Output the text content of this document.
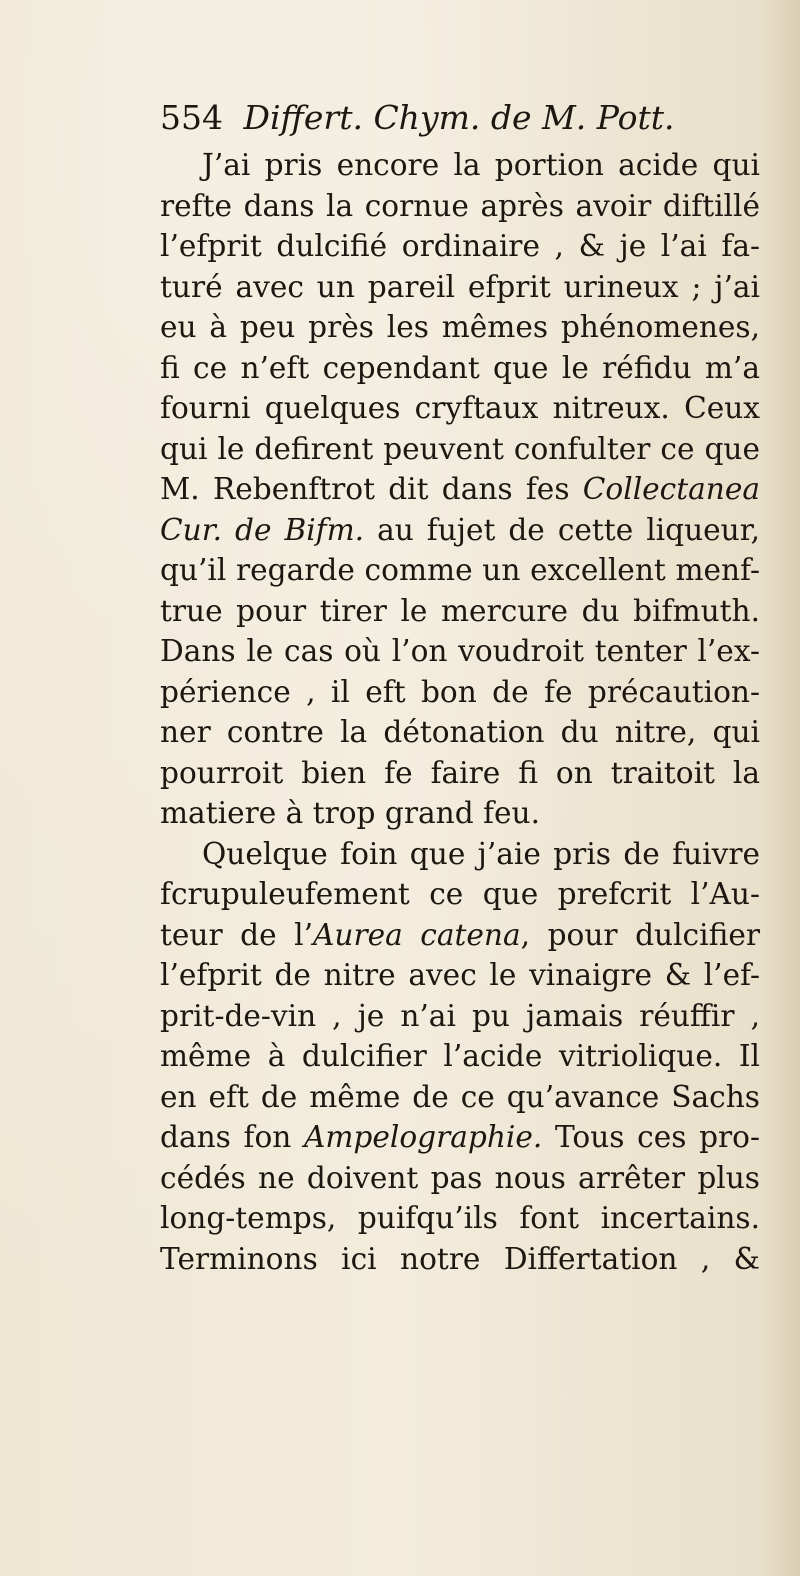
554 Differt. Chym. de M. Pott.
J’ai pris encore la portion acide qui
refte dans la cornue après avoir diftillé
l’efprit dulcifié ordinaire , & je l’ai fa-
turé avec un pareil efprit urineux ; j’ai
eu à peu près les mêmes phénomenes,
fi ce n’eft cependant que le réfidu m’a
fourni quelques cryftaux nitreux. Ceux
qui le defirent peuvent confulter ce que
M. Rebenftrot dit dans fes Colleсtanea
Cur. de Bifm. au fujet de cette liqueur,
qu’il regarde comme un excellent menf-
true pour tirer le mercure du bifmuth.
Dans le cas où l’on voudroit tenter l’ex-
périence , il eft bon de fe précaution-
ner contre la détonation du nitre, qui
pourroit bien fe faire fi on traitoit la
matiere à trop grand feu.
Quelque foin que j’aie pris de fuivre
fcrupuleufement ce que prefcrit l’Au-
teur de l’Aurea catena, pour dulcifier
l’efprit de nitre avec le vinaigre & l’ef-
prit-de-vin , je n’ai pu jamais réuffir ,
même à dulcifier l’acide vitriolique. Il
en eft de même de ce qu’avance Sachs
dans fon Ampelographie. Tous ces pro-
cédés ne doivent pas nous arrêter plus
long-temps, puifqu’ils font incertains.
Terminons ici notre Differtation , &
